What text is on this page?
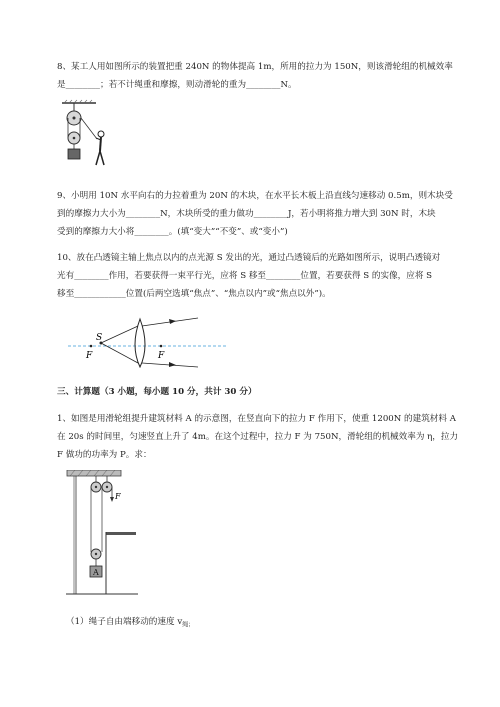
8、某工人用如图所示的装置把重 240N 的物体提高 1m，所用的拉力为 150N，则该滑轮组的机械效率
是________；若不计绳重和摩擦，则动滑轮的重为________N。
9、小明用 10N 水平向右的力拉着重为 20N 的木块，在水平长木板上沿直线匀速移动 0.5m，则木块受
到的摩擦力大小为________N，木块所受的重力做功________J，若小明将推力增大到 30N 时，木块
受到的摩擦力大小将________。(填“变大”“不变”、或“变小”)
10、放在凸透镜主轴上焦点以内的点光源 S 发出的光，通过凸透镜后的光路如图所示，说明凸透镜对
光有________作用，若要获得一束平行光，应将 S 移至________位置，若要获得 S 的实像，应将 S
移至____________位置(后两空选填“焦点”、“焦点以内”或“焦点以外”)。
S
F	F
三、计算题（3 小题，每小题 10 分，共计 30 分）
1、如图是用滑轮组提升建筑材料 A 的示意图，在竖直向下的拉力 F 作用下，使重 1200N 的建筑材料 A
在 20s 的时间里，匀速竖直上升了 4m。在这个过程中，拉力 F 为 750N，滑轮组的机械效率为 η，拉力
F 做功的功率为 P。求：
F
A
（1）绳子自由端移动的速度 $v_{绳;}$
